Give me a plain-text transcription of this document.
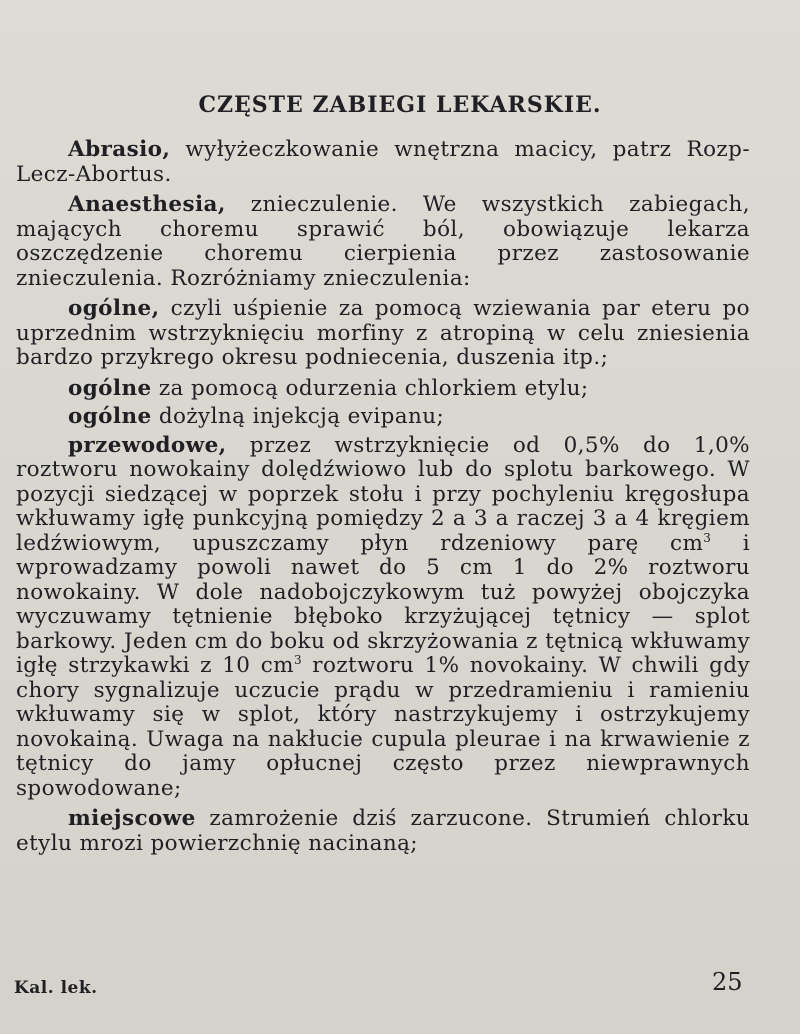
CZĘSTE ZABIEGI LEKARSKIE.

Abrasio, wyłyżeczkowanie wnętrzna macicy, patrz Rozp-Lecz-Abortus.

Anaesthesia, znieczulenie. We wszystkich zabiegach, mających choremu sprawić ból, obowiązuje lekarza oszczędzenie choremu cierpienia przez zastosowanie znieczulenia. Rozróżniamy znieczulenia:

ogólne, czyli uśpienie za pomocą wziewania par eteru po uprzednim wstrzyknięciu morfiny z atropiną w celu zniesienia bardzo przykrego okresu podniecenia, duszenia itp.;

ogólne za pomocą odurzenia chlorkiem etylu;

ogólne dożylną injekcją evipanu;

przewodowe, przez wstrzyknięcie od 0,5% do 1,0% roztworu nowokainy dolędźwiowo lub do splotu barkowego. W pozycji siedzącej w poprzek stołu i przy pochyleniu kręgosłupa wkłuwamy igłę punkcyjną pomiędzy 2 a 3 a raczej 3 a 4 kręgiem ledźwiowym, upuszczamy płyn rdzeniowy parę $cm^3$ i wprowadzamy powoli nawet do 5 cm 1 do 2% roztworu nowokainy. W dole nadobojczykowym tuż powyżej obojczyka wyczuwamy tętnienie błęboko krzyżującej tętnicy — splot barkowy. Jeden cm do boku od skrzyżowania z tętnicą wkłuwamy igłę strzykawki z 10 $cm^3$ roztworu 1% novokainy. W chwili gdy chory sygnalizuje uczucie prądu w przedramieniu i ramieniu wkłuwamy się w splot, który nastrzykujemy i ostrzykujemy novokainą. Uwaga na nakłucie cupula pleurae i na krwawienie z tętnicy do jamy opłucnej często przez niewprawnych spowodowane;

miejscowe zamrożenie dziś zarzucone. Strumień chlorku etylu mrozi powierzchnię nacinaną;

Kal. lek.	25
